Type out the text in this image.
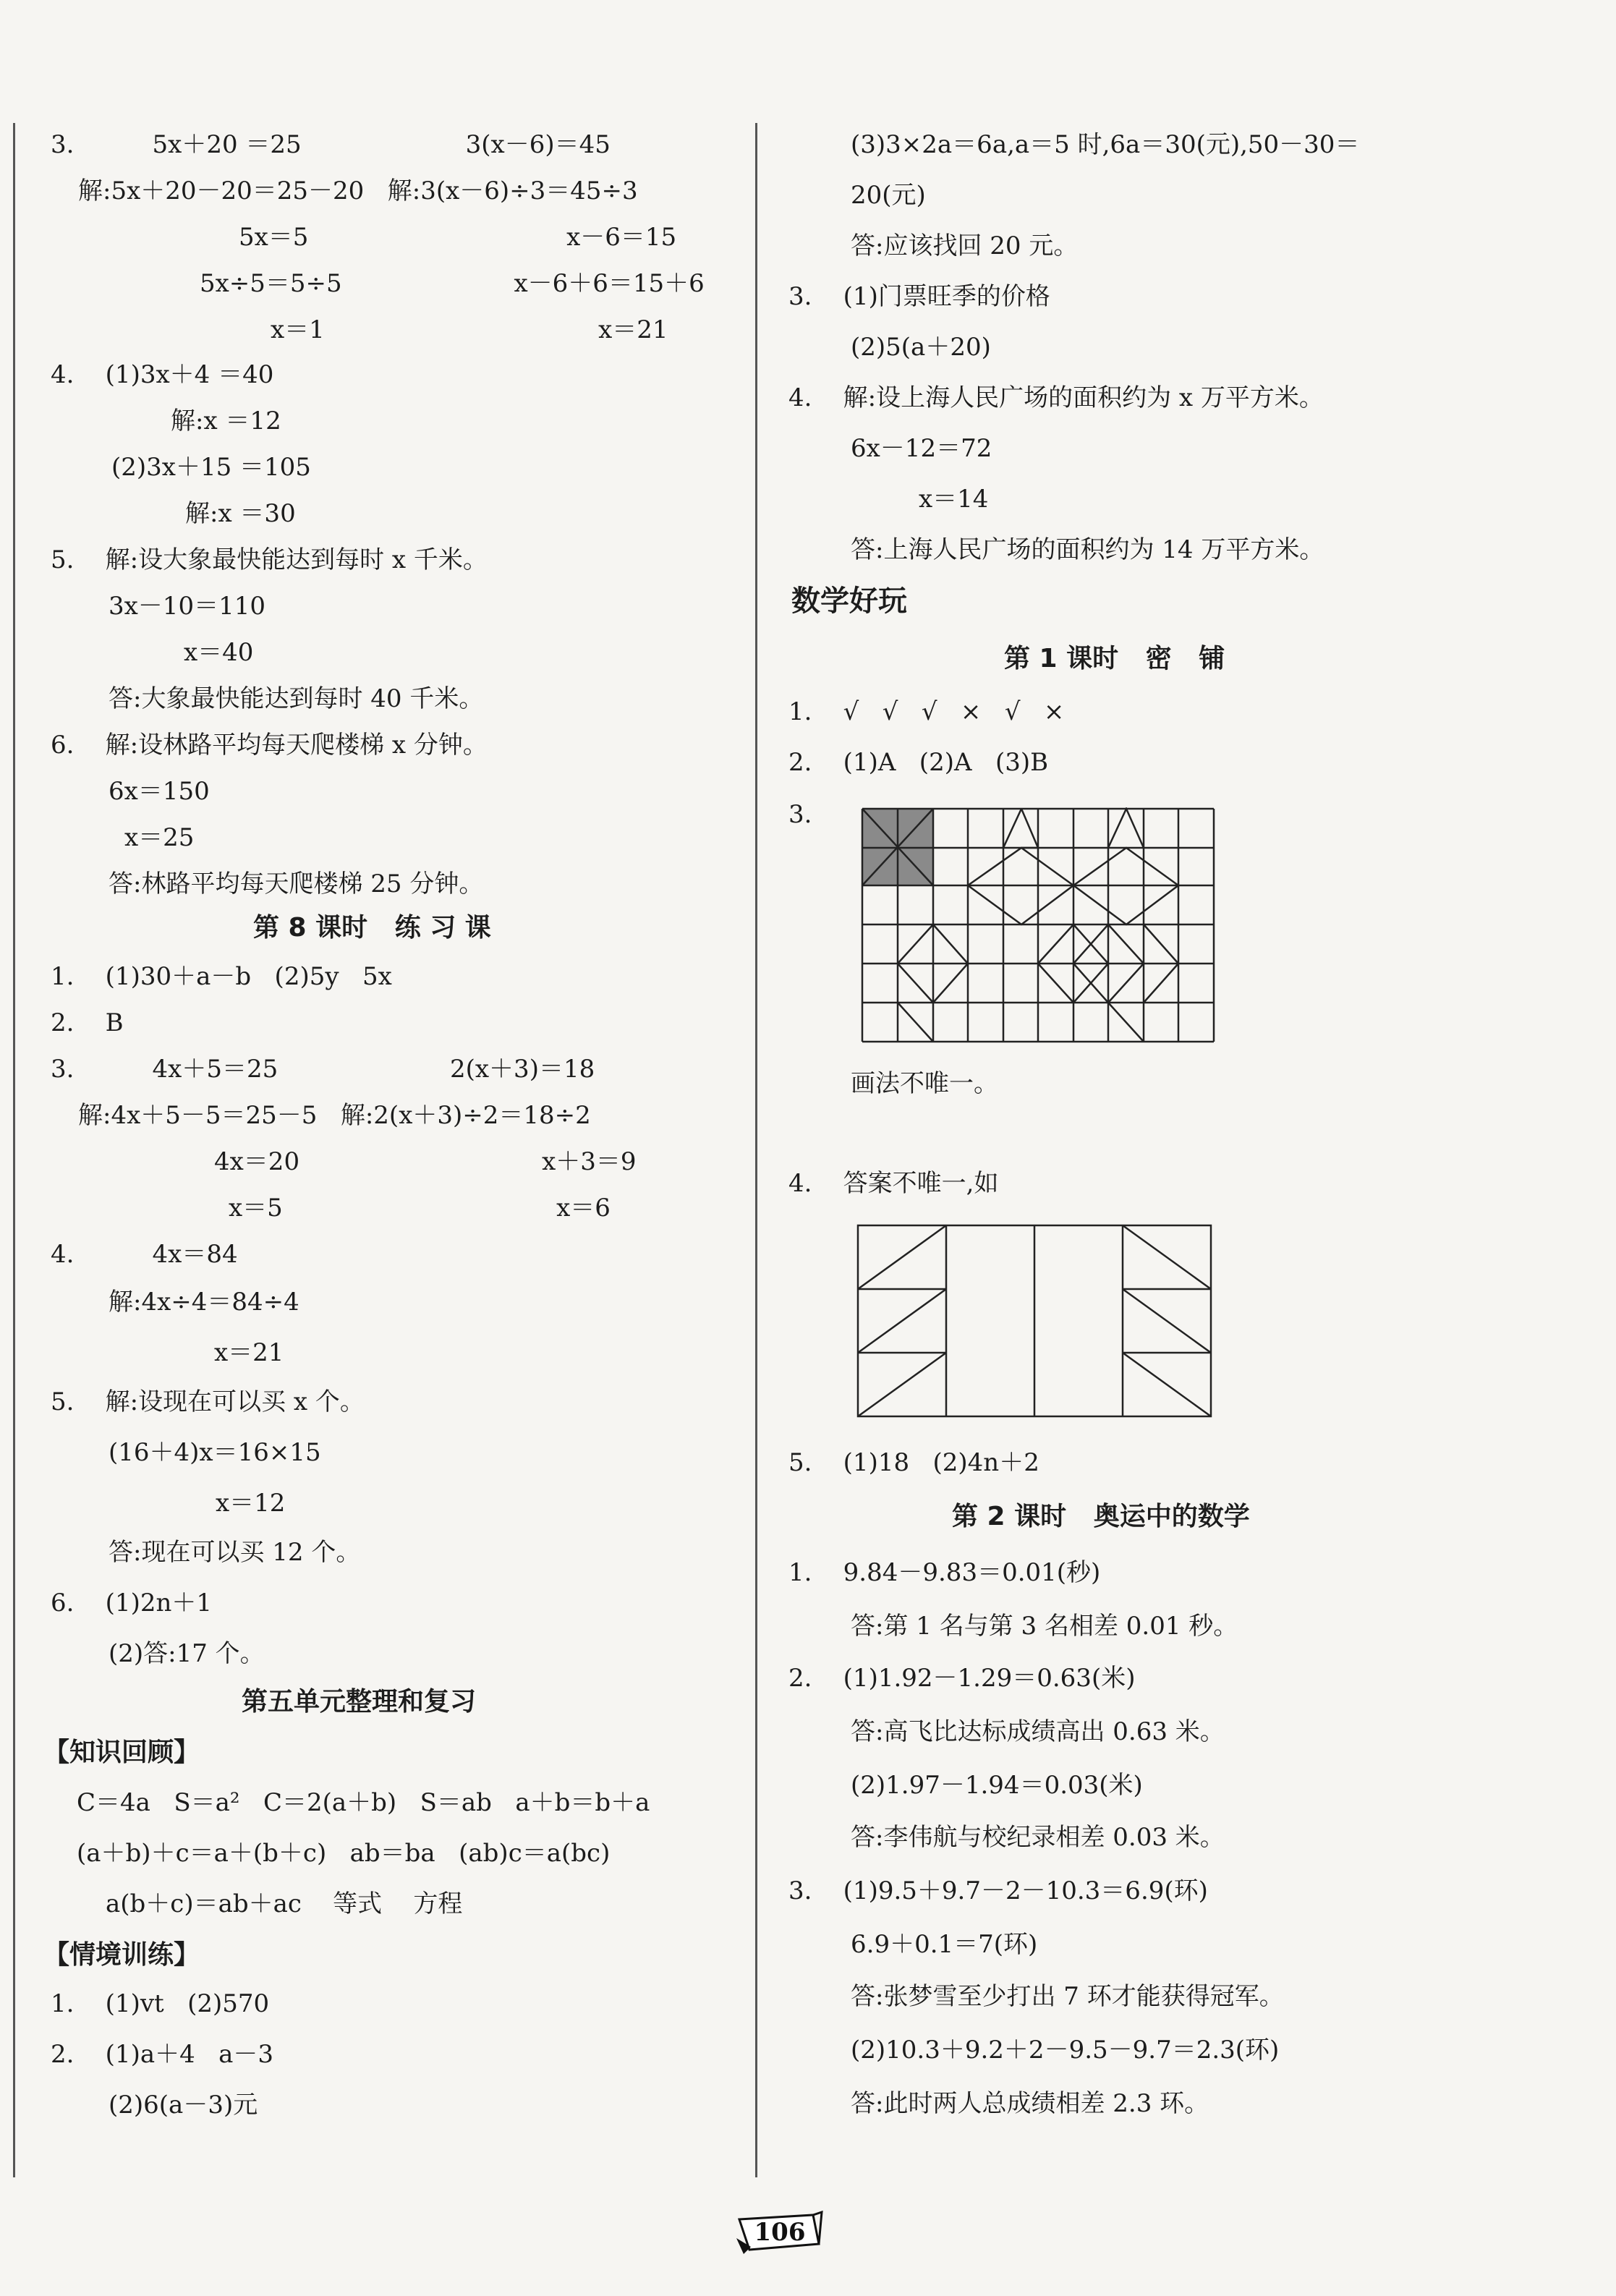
3.          5x＋20 ＝25                     3(x－6)＝45
解:5x＋20－20＝25－20   解:3(x－6)÷3＝45÷3
5x＝5                                 x－6＝15
5x÷5＝5÷5                      x－6＋6＝15＋6
x＝1                                   x＝21
4.    (1)3x＋4 ＝40
解:x ＝12
(2)3x＋15 ＝105
解:x ＝30
5.    解:设大象最快能达到每时 x 千米。
3x－10＝110
x＝40
答:大象最快能达到每时 40 千米。
6.    解:设林路平均每天爬楼梯 x 分钟。
6x＝150
x＝25
答:林路平均每天爬楼梯 25 分钟。
第 8 课时   练 习 课
1.    (1)30＋a－b   (2)5y   5x
2.    B
3.          4x＋5＝25                      2(x＋3)＝18
解:4x＋5－5＝25－5   解:2(x＋3)÷2＝18÷2
4x＝20                               x＋3＝9
x＝5                                   x＝6
4.          4x＝84
解:4x÷4＝84÷4
x＝21
5.    解:设现在可以买 x 个。
(16＋4)x＝16×15
x＝12
答:现在可以买 12 个。
6.    (1)2n＋1
(2)答:17 个。
第五单元整理和复习
【知识回顾】
C＝4a   S＝a²   C＝2(a＋b)   S＝ab   a＋b＝b＋a
(a＋b)＋c＝a＋(b＋c)   ab＝ba   (ab)c＝a(bc)
a(b＋c)＝ab＋ac    等式    方程
【情境训练】
1.    (1)vt   (2)570
2.    (1)a＋4   a－3
(2)6(a－3)元
(3)3×2a＝6a,a＝5 时,6a＝30(元),50－30＝
20(元)
答:应该找回 20 元。
3.    (1)门票旺季的价格
(2)5(a＋20)
4.    解:设上海人民广场的面积约为 x 万平方米。
6x－12＝72
x＝14
答:上海人民广场的面积约为 14 万平方米。
数学好玩
第 1 课时   密   铺
1.    √   √   √   ×   √   ×
2.    (1)A   (2)A   (3)B
3.
画法不唯一。
4.    答案不唯一,如
5.    (1)18   (2)4n＋2
第 2 课时   奥运中的数学
1.    9.84－9.83＝0.01(秒)
答:第 1 名与第 3 名相差 0.01 秒。
2.    (1)1.92－1.29＝0.63(米)
答:高飞比达标成绩高出 0.63 米。
(2)1.97－1.94＝0.03(米)
答:李伟航与校纪录相差 0.03 米。
3.    (1)9.5＋9.7－2－10.3＝6.9(环)
6.9＋0.1＝7(环)
答:张梦雪至少打出 7 环才能获得冠军。
(2)10.3＋9.2＋2－9.5－9.7＝2.3(环)
答:此时两人总成绩相差 2.3 环。
106
